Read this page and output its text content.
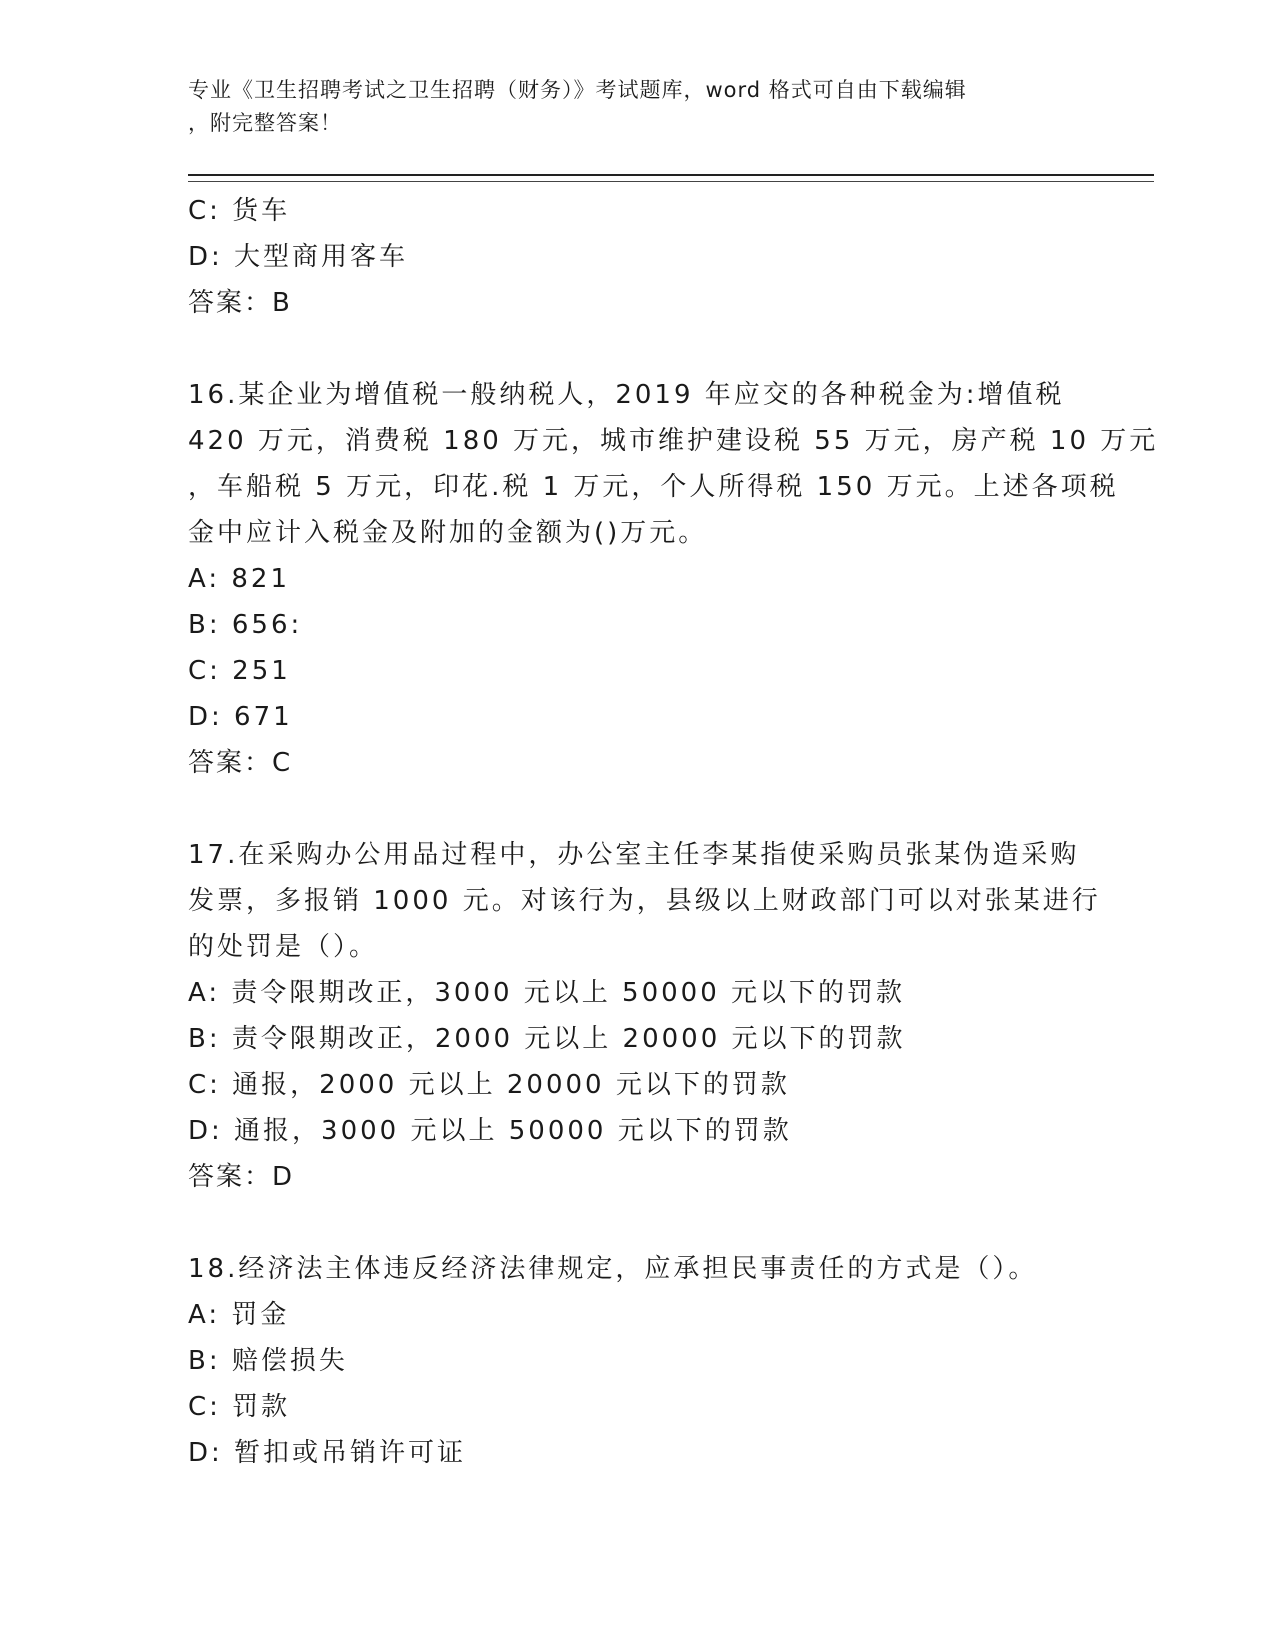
专业《卫生招聘考试之卫生招聘（财务）》考试题库，word 格式可自由下载编辑
，附完整答案！
C: 货车
D: 大型商用客车
答案：B
16.某企业为增值税一般纳税人，2019 年应交的各种税金为:增值税
420 万元，消费税 180 万元，城市维护建设税 55 万元，房产税 10 万元
，车船税 5 万元，印花.税 1 万元，个人所得税 150 万元。上述各项税
金中应计入税金及附加的金额为()万元。
A: 821
B: 656:
C: 251
D: 671
答案：C
17.在采购办公用品过程中，办公室主任李某指使采购员张某伪造采购
发票，多报销 1000 元。对该行为，县级以上财政部门可以对张某进行
的处罚是（）。
A: 责令限期改正，3000 元以上 50000 元以下的罚款
B: 责令限期改正，2000 元以上 20000 元以下的罚款
C: 通报，2000 元以上 20000 元以下的罚款
D: 通报，3000 元以上 50000 元以下的罚款
答案：D
18.经济法主体违反经济法律规定，应承担民事责任的方式是（）。
A: 罚金
B: 赔偿损失
C: 罚款
D: 暂扣或吊销许可证
